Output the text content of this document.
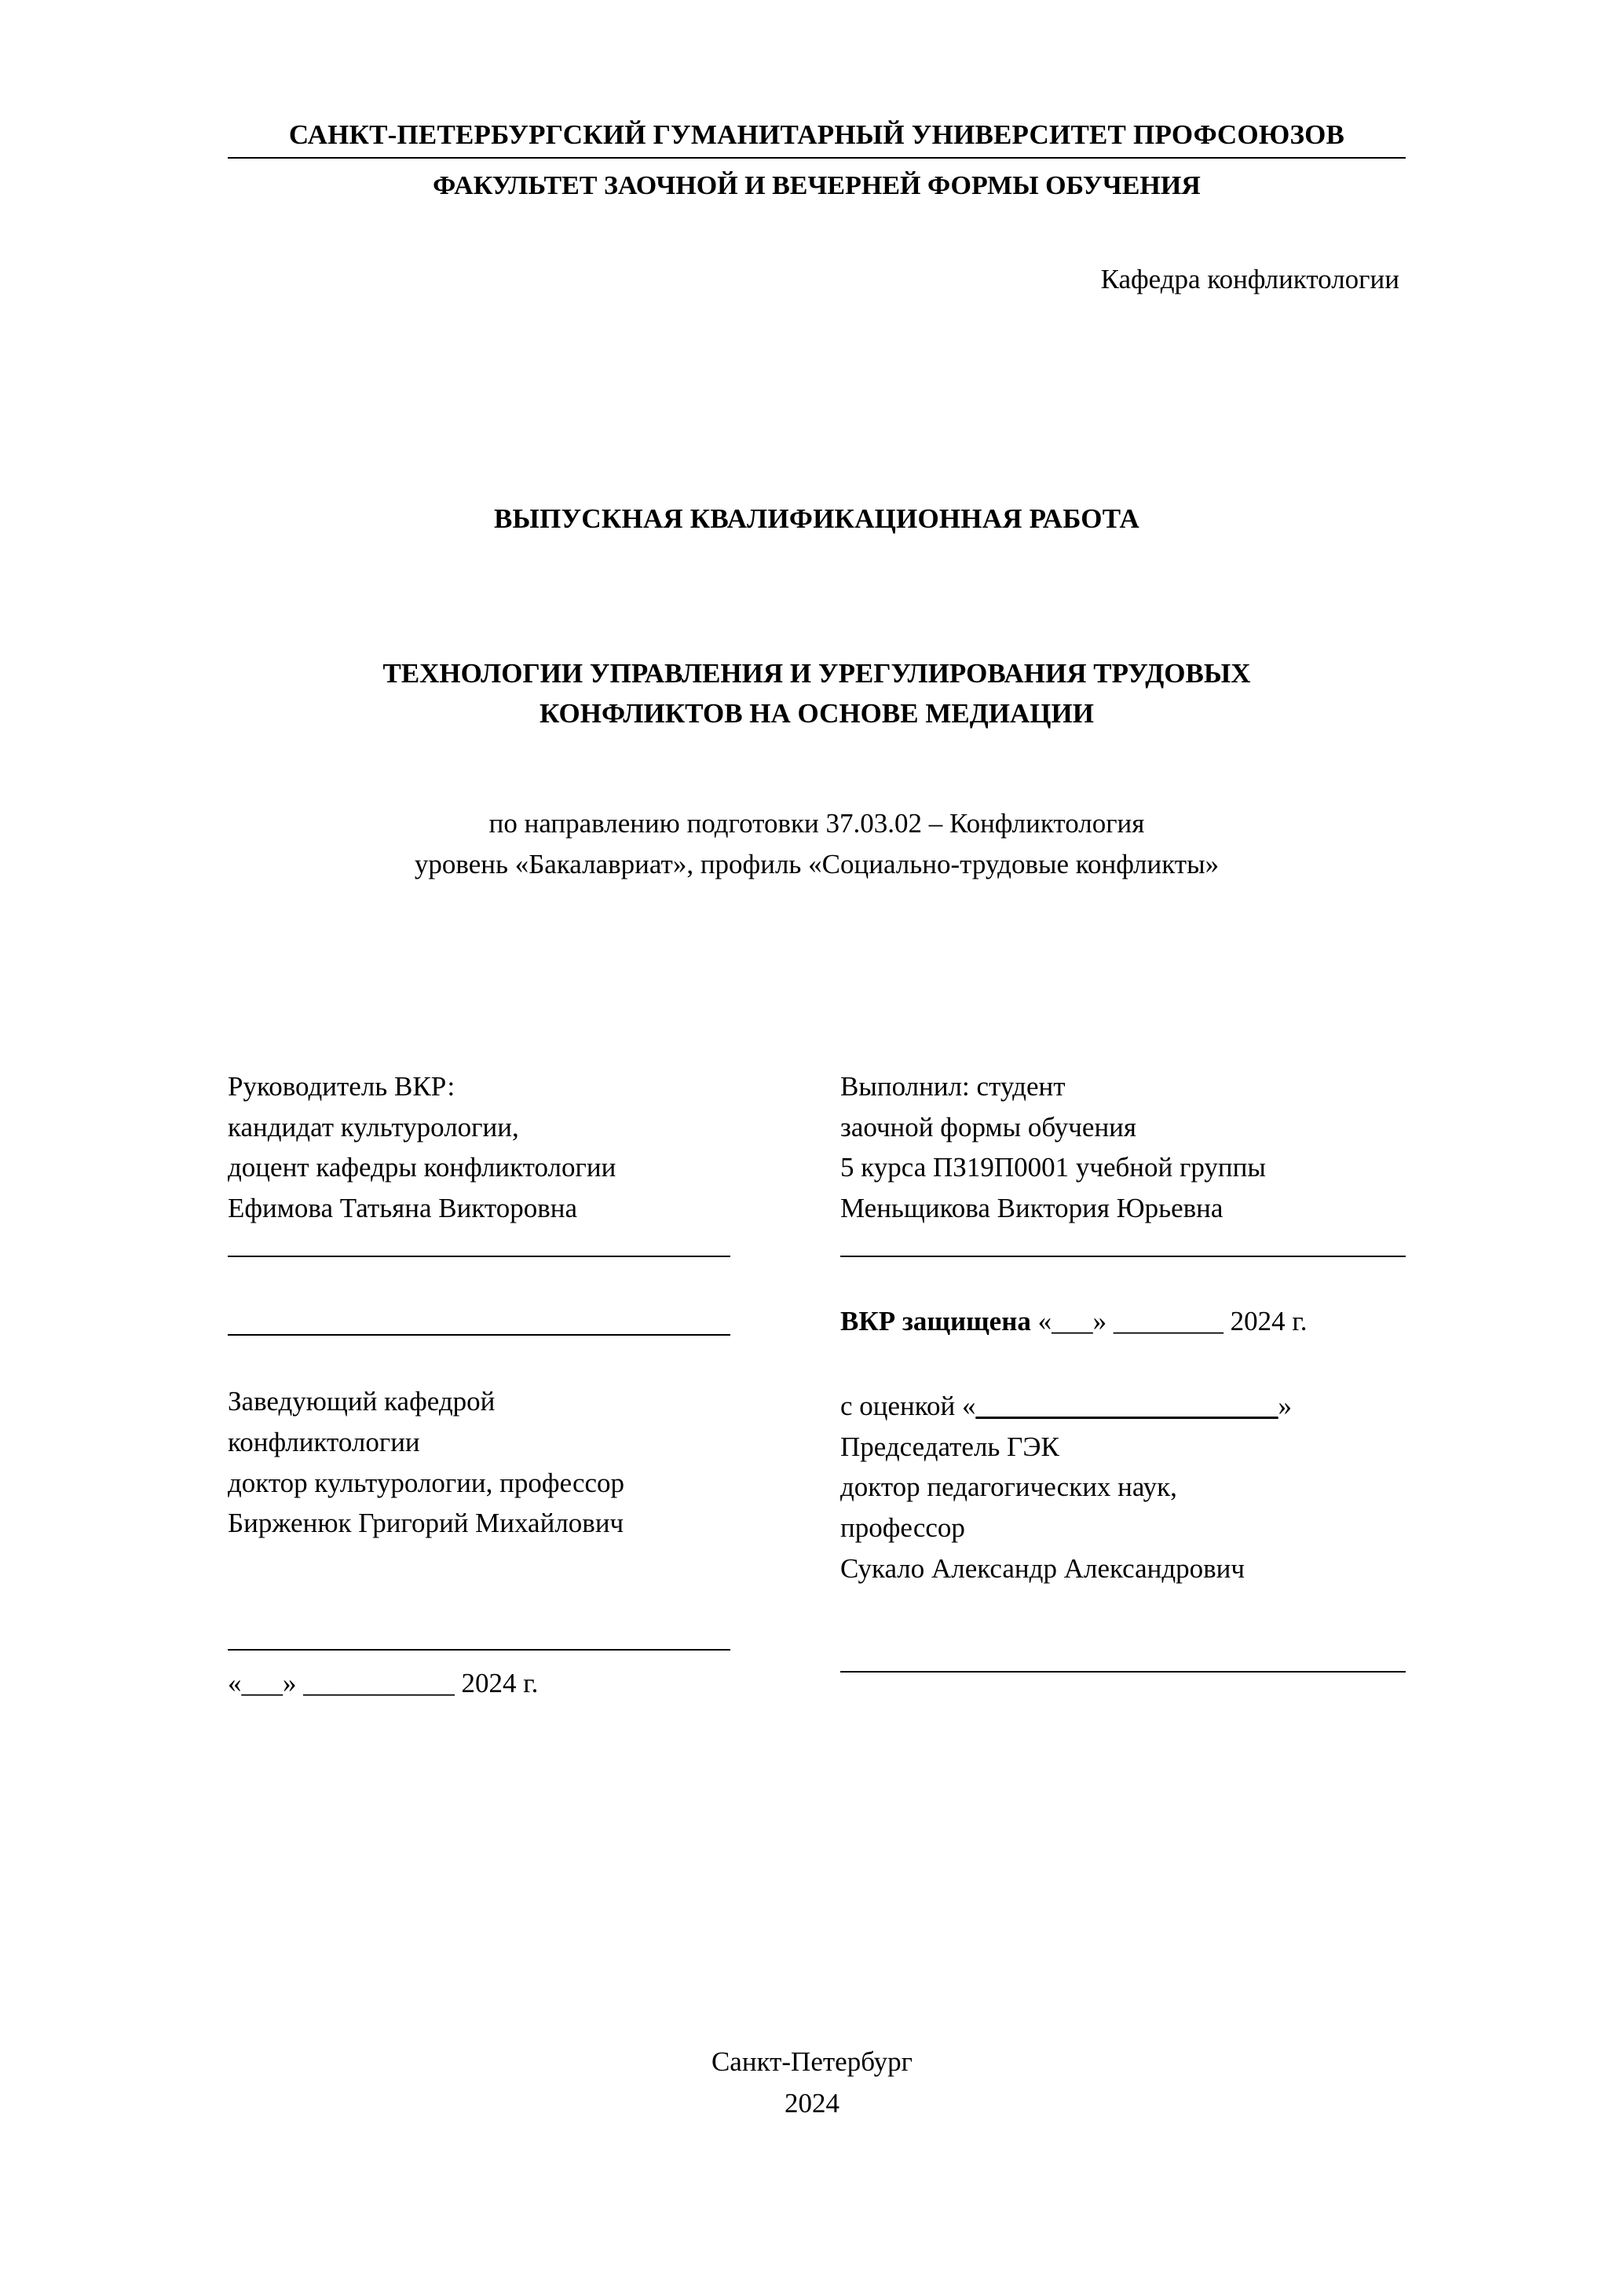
САНКТ-ПЕТЕРБУРГСКИЙ ГУМАНИТАРНЫЙ УНИВЕРСИТЕТ ПРОФСОЮЗОВ
ФАКУЛЬТЕТ ЗАОЧНОЙ И ВЕЧЕРНЕЙ ФОРМЫ ОБУЧЕНИЯ
Кафедра конфликтологии
ВЫПУСКНАЯ КВАЛИФИКАЦИОННАЯ РАБОТА
ТЕХНОЛОГИИ УПРАВЛЕНИЯ И УРЕГУЛИРОВАНИЯ ТРУДОВЫХ
КОНФЛИКТОВ НА ОСНОВЕ МЕДИАЦИИ
по направлению подготовки 37.03.02 – Конфликтология
уровень «Бакалавриат», профиль «Социально-трудовые конфликты»
Руководитель ВКР:
кандидат культурологии,
доцент кафедры конфликтологии
Ефимова Татьяна Викторовна
Заведующий кафедрой
конфликтологии
доктор культурологии, профессор
Бирженюк Григорий Михайлович
«___» ___________ 2024 г.
Выполнил: студент
заочной формы обучения
5 курса ПЗ19П0001 учебной группы
Меньщикова Виктория Юрьевна
ВКР защищена «___» ________ 2024 г.
с оценкой «______________________»
Председатель ГЭК
доктор педагогических наук,
профессор
Сукало Александр Александрович
Санкт-Петербург
2024
